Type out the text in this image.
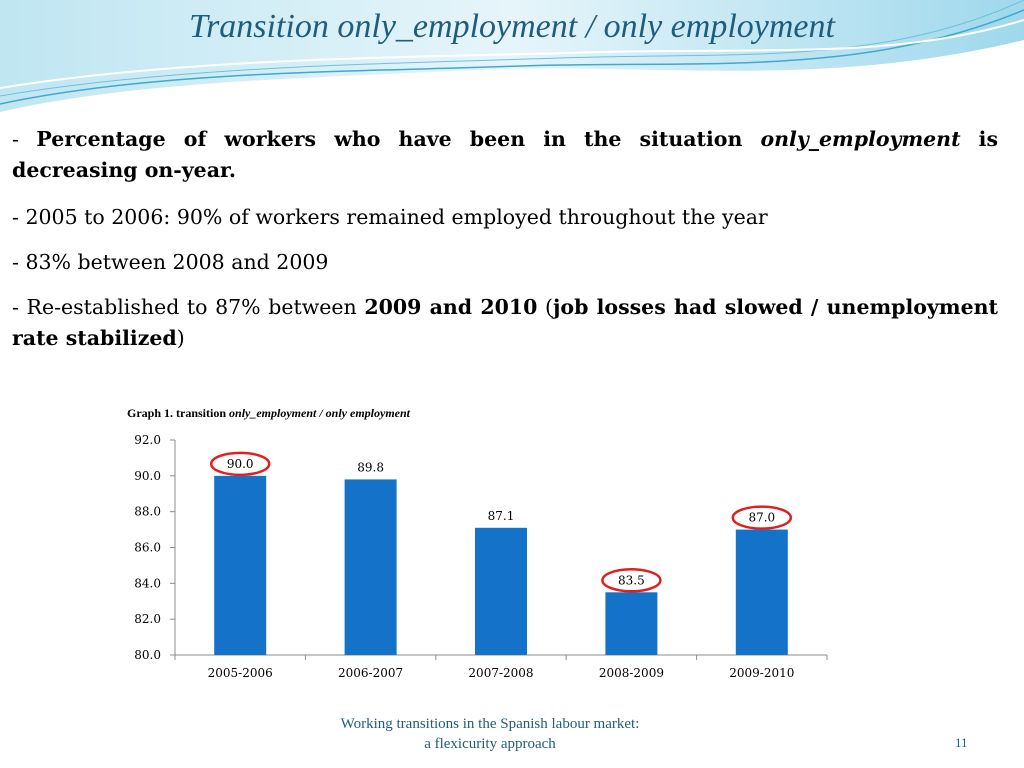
Transition only_employment / only employment

- Percentage of workers who have been in the situation only_employment is decreasing on-year.

- 2005 to 2006: 90% of workers remained employed throughout the year

- 83% between 2008 and 2009

- Re-established to 87% between 2009 and 2010 (job losses had slowed / unemployment rate stabilized)

Graph 1. transition only_employment / only employment
80.0
82.0
84.0
86.0
88.0
90.0
92.0
2005-2006
90.0
2006-2007
89.8
2007-2008
87.1
2008-2009
83.5
2009-2010
87.0
Working transitions in the Spanish labour market:
a flexicurity approach	11
